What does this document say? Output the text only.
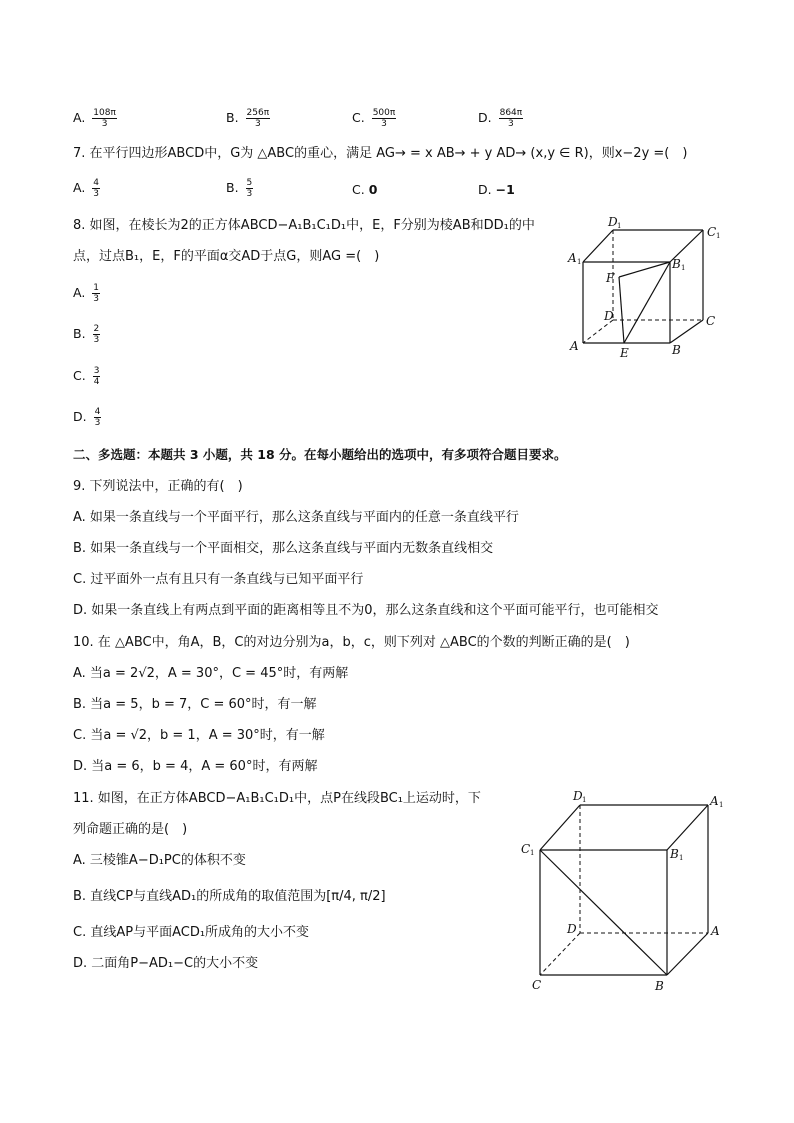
A. $\frac{108\pi}{3}$	B. $\frac{256\pi}{3}$	C. $\frac{500\pi}{3}$	D. $\frac{864\pi}{3}$
7. 在平行四边形ABCD中，G为 △ABC的重心，满足 AG→ = x AB→ + y AD→ (x,y ∈ R)，则x−2y =(　)
A. $\frac{4}{3}$	B. $\frac{5}{3}$	C. 0	D. −1
8. 如图，在棱长为2的正方体ABCD−A₁B₁C₁D₁中，E，F分别为棱AB和DD₁的中
点，过点B₁，E，F的平面α交AD于点G，则AG =(　)
A. $\frac{1}{3}$
B. $\frac{2}{3}$
C. $\frac{3}{4}$
D. $\frac{4}{3}$
D 1	C 1
A 1	B 1
F
D	C
A	E	B
二、多选题：本题共 3 小题，共 18 分。在每小题给出的选项中，有多项符合题目要求。
9. 下列说法中，正确的有(　)
A. 如果一条直线与一个平面平行，那么这条直线与平面内的任意一条直线平行
B. 如果一条直线与一个平面相交，那么这条直线与平面内无数条直线相交
C. 过平面外一点有且只有一条直线与已知平面平行
D. 如果一条直线上有两点到平面的距离相等且不为0，那么这条直线和这个平面可能平行，也可能相交
10. 在 △ABC中，角A，B，C的对边分别为a，b，c，则下列对 △ABC的个数的判断正确的是(　)
A. 当a = 2√2，A = 30°，C = 45°时，有两解
B. 当a = 5，b = 7，C = 60°时，有一解
C. 当a = √2，b = 1，A = 30°时，有一解
D. 当a = 6，b = 4，A = 60°时，有两解
11. 如图，在正方体ABCD−A₁B₁C₁D₁中，点P在线段BC₁上运动时，下
列命题正确的是(　)
A. 三棱锥A−D₁PC的体积不变
B. 直线CP与直线AD₁的所成角的取值范围为[π/4, π/2]
C. 直线AP与平面ACD₁所成角的大小不变
D. 二面角P−AD₁−C的大小不变
D 1	A 1
C 1	B 1
D	A
C	B
